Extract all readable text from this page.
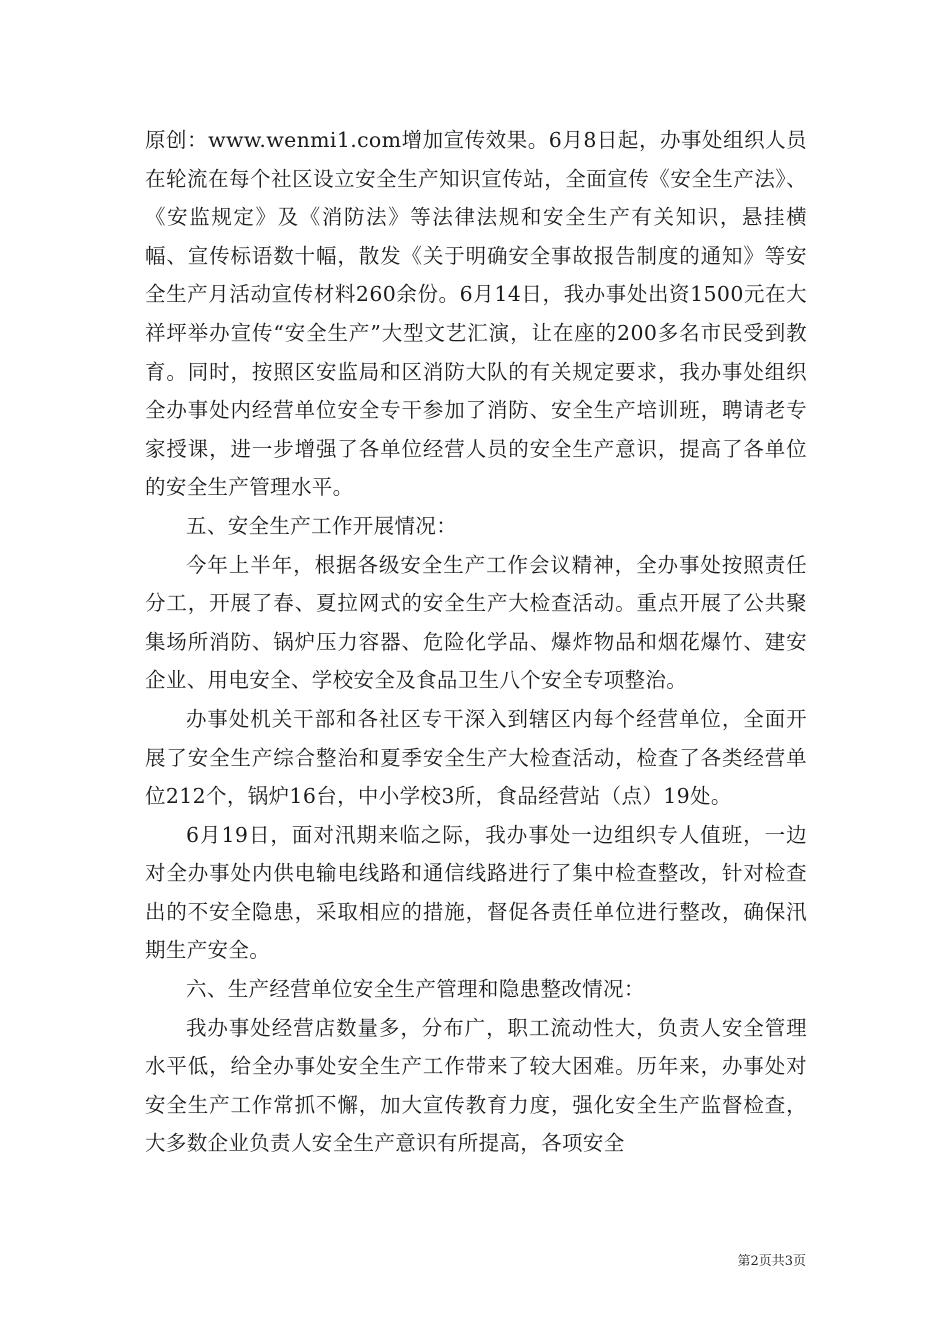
原创：www.wenmi1.com增加宣传效果。6月8日起，办事处组织人员在轮流在每个社区设立安全生产知识宣传站，全面宣传《安全生产法》、《安监规定》及《消防法》等法律法规和安全生产有关知识，悬挂横幅、宣传标语数十幅，散发《关于明确安全事故报告制度的通知》等安全生产月活动宣传材料260余份。6月14日，我办事处出资1500元在大祥坪举办宣传“安全生产”大型文艺汇演，让在座的200多名市民受到教育。同时，按照区安监局和区消防大队的有关规定要求，我办事处组织全办事处内经营单位安全专干参加了消防、安全生产培训班，聘请老专家授课，进一步增强了各单位经营人员的安全生产意识，提高了各单位的安全生产管理水平。

五、安全生产工作开展情况：

今年上半年，根据各级安全生产工作会议精神，全办事处按照责任分工，开展了春、夏拉网式的安全生产大检查活动。重点开展了公共聚集场所消防、锅炉压力容器、危险化学品、爆炸物品和烟花爆竹、建安企业、用电安全、学校安全及食品卫生八个安全专项整治。

办事处机关干部和各社区专干深入到辖区内每个经营单位，全面开展了安全生产综合整治和夏季安全生产大检查活动，检查了各类经营单位212个，锅炉16台，中小学校3所，食品经营站（点）19处。

6月19日，面对汛期来临之际，我办事处一边组织专人值班，一边对全办事处内供电输电线路和通信线路进行了集中检查整改，针对检查出的不安全隐患，采取相应的措施，督促各责任单位进行整改，确保汛期生产安全。

六、生产经营单位安全生产管理和隐患整改情况：

我办事处经营店数量多，分布广，职工流动性大，负责人安全管理水平低，给全办事处安全生产工作带来了较大困难。历年来，办事处对安全生产工作常抓不懈，加大宣传教育力度，强化安全生产监督检查，大多数企业负责人安全生产意识有所提高，各项安全

第2页共3页
